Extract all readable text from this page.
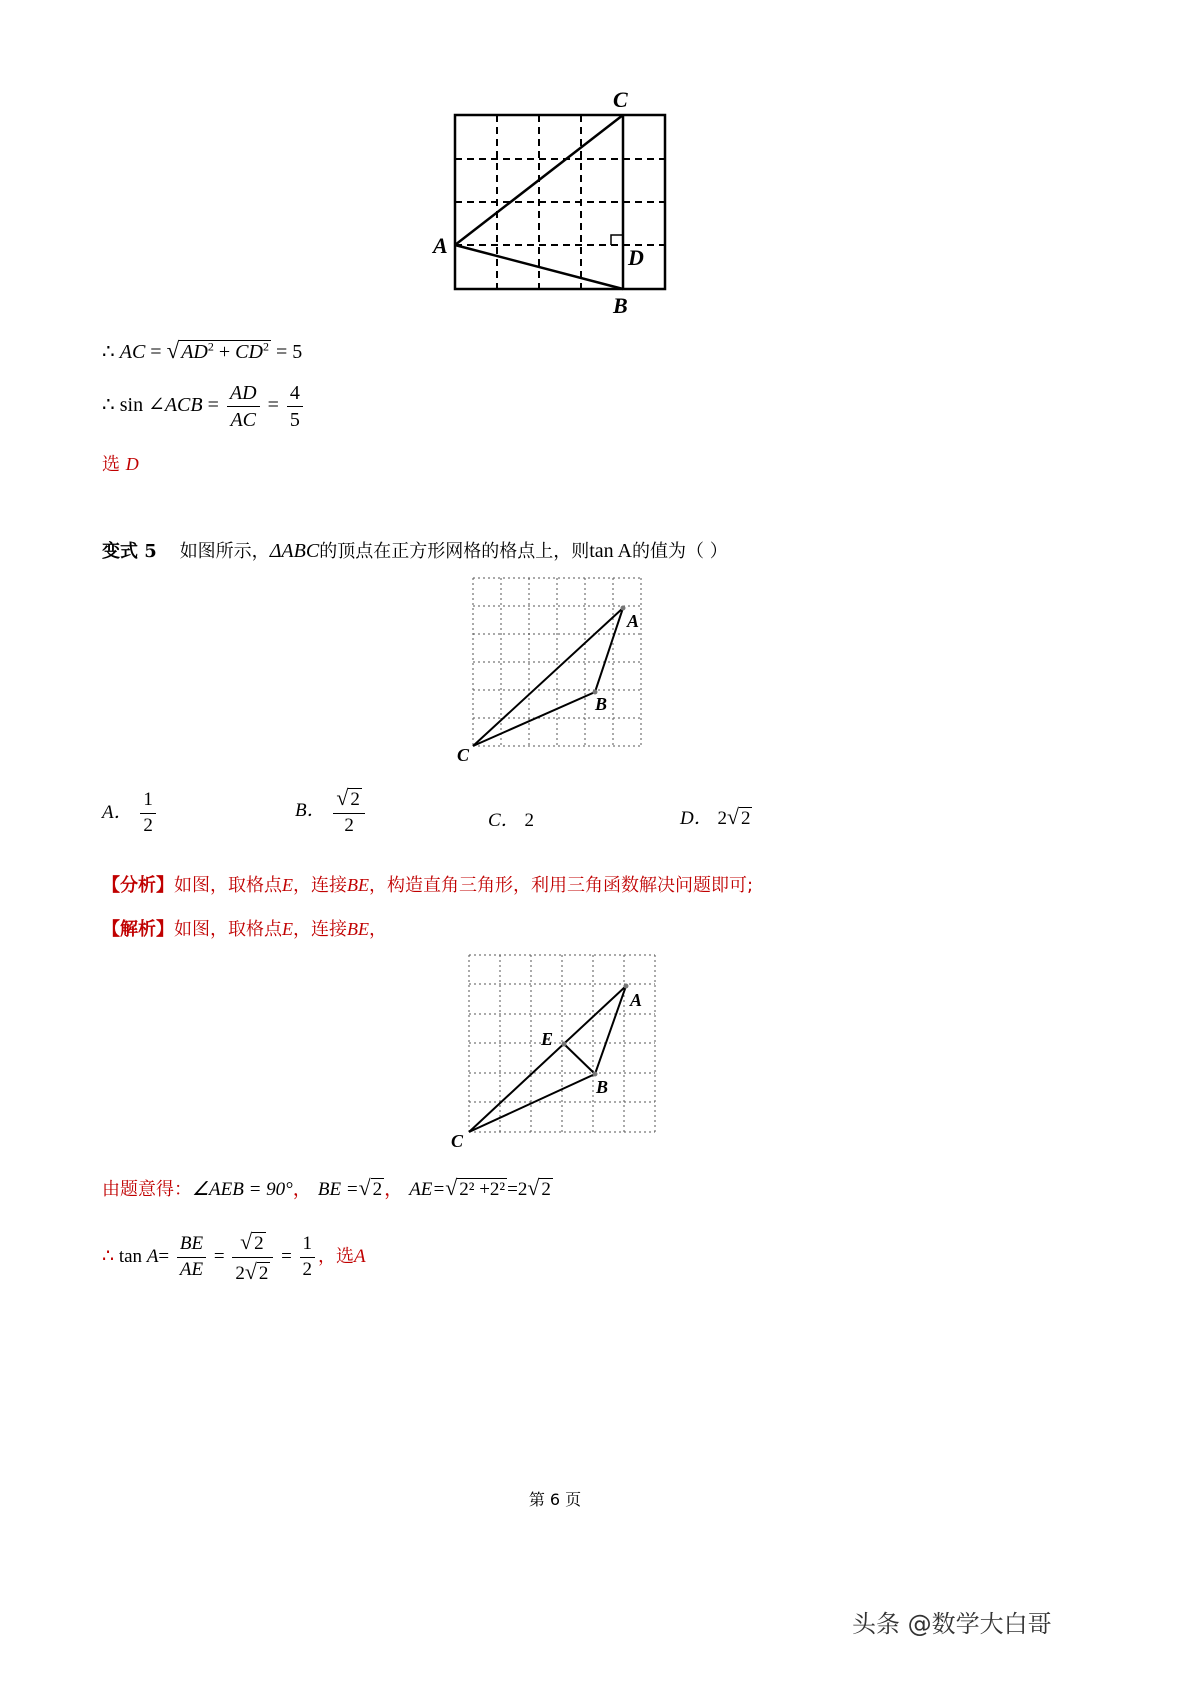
C
A
B
D
∴ AC = √ $AD^2 + CD^2 = 5$
∴ sin ∠ACB = $\frac{AD}{AC} = \frac{4}{5}$
选 D
变式 5 如图所示，ΔABC的顶点在正方形网格的格点上，则tan A的值为（ ）
A
B
C
A． $\frac{1}{2}$	B． $\frac{√ 2}{2}$	C． 2	D． 2√ 2
【分析】如图，取格点E，连接BE，构造直角三角形，利用三角函数解决问题即可;
【解析】如图，取格点E，连接BE，
A
B
C
E
由题意得：∠AEB = 90°， BE =√ 2 ， AE=√ 2² +2² =2√ 2
∴ $\tan A= \frac{BE}{AE} = \frac{√ 2}{2√ 2} = \frac{1}{2}$ ，选A
第 6 页
头条 @数学大白哥
